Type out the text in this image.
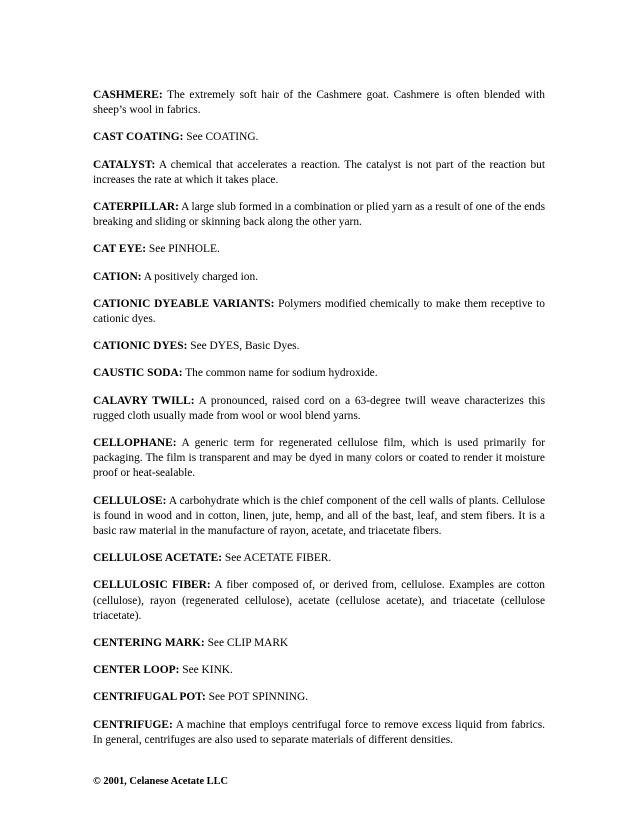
CASHMERE: The extremely soft hair of the Cashmere goat. Cashmere is often blended with sheep’s wool in fabrics.

CAST COATING: See COATING.

CATALYST: A chemical that accelerates a reaction. The catalyst is not part of the reaction but increases the rate at which it takes place.

CATERPILLAR: A large slub formed in a combination or plied yarn as a result of one of the ends breaking and sliding or skinning back along the other yarn.

CAT EYE: See PINHOLE.

CATION: A positively charged ion.

CATIONIC DYEABLE VARIANTS: Polymers modified chemically to make them receptive to cationic dyes.

CATIONIC DYES: See DYES, Basic Dyes.

CAUSTIC SODA: The common name for sodium hydroxide.

CALAVRY TWILL: A pronounced, raised cord on a 63-degree twill weave characterizes this rugged cloth usually made from wool or wool blend yarns.

CELLOPHANE: A generic term for regenerated cellulose film, which is used primarily for packaging. The film is transparent and may be dyed in many colors or coated to render it moisture proof or heat-sealable.

CELLULOSE: A carbohydrate which is the chief component of the cell walls of plants. Cellulose is found in wood and in cotton, linen, jute, hemp, and all of the bast, leaf, and stem fibers. It is a basic raw material in the manufacture of rayon, acetate, and triacetate fibers.

CELLULOSE ACETATE: See ACETATE FIBER.

CELLULOSIC FIBER: A fiber composed of, or derived from, cellulose. Examples are cotton (cellulose), rayon (regenerated cellulose), acetate (cellulose acetate), and triacetate (cellulose triacetate).

CENTERING MARK: See CLIP MARK

CENTER LOOP: See KINK.

CENTRIFUGAL POT: See POT SPINNING.

CENTRIFUGE: A machine that employs centrifugal force to remove excess liquid from fabrics. In general, centrifuges are also used to separate materials of different densities.

© 2001, Celanese Acetate LLC
